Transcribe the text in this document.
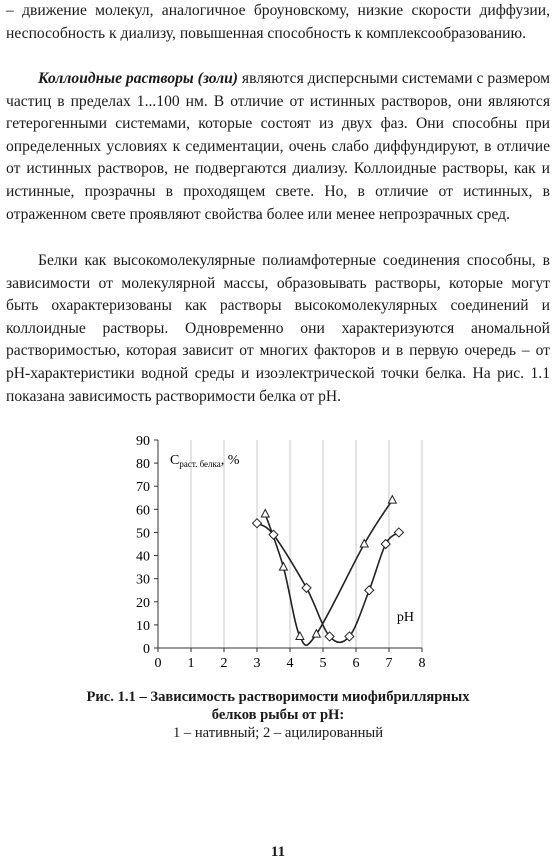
– движение молекул, аналогичное броуновскому, низкие скорости диффузии, неспособность к диализу, повышенная способность к комплексообразованию.

Коллоидные растворы (золи) являются дисперсными системами с размером частиц в пределах 1...100 нм. В отличие от истинных растворов, они являются гетерогенными системами, которые состоят из двух фаз. Они способны при определенных условиях к седиментации, очень слабо диффундируют, в отличие от истинных растворов, не подвергаются диализу. Коллоидные растворы, как и истинные, прозрачны в проходящем свете. Но, в отличие от истинных, в отраженном свете проявляют свойства более или менее непрозрачных сред.

Белки как высокомолекулярные полиамфотерные соединения способны, в зависимости от молекулярной массы, образовывать растворы, которые могут быть охарактеризованы как растворы высокомолекулярных соединений и коллоидные растворы. Одновременно они характеризуются аномальной растворимостью, которая зависит от многих факторов и в первую очередь – от рН-характеристики водной среды и изоэлектрической точки белка. На рис. 1.1 показана зависимость растворимости белка от рН.

0
10
20
30
40
50
60
70
80
90
0 1 2 3 4 5 6 7 8
$С_{раст. белка}$, %
рН
Рис. 1.1 – Зависимость растворимости миофибриллярных
белков рыбы от рН:
1 – нативный; 2 – ацилированный

11
